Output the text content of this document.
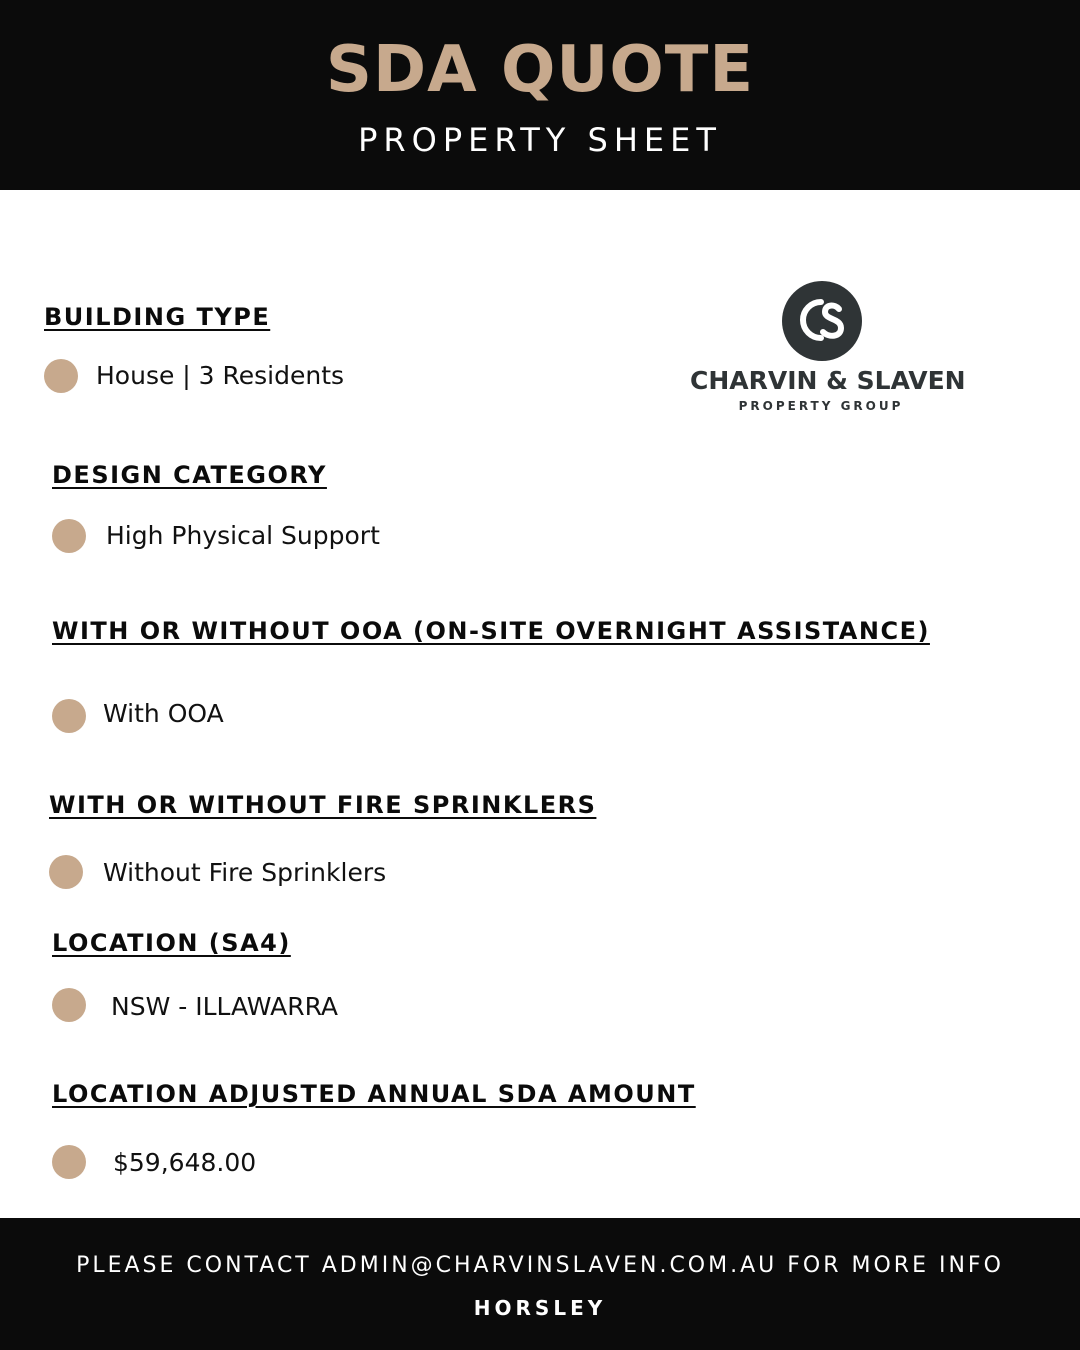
SDA QUOTE
PROPERTY SHEET
CHARVIN & SLAVEN
PROPERTY GROUP
BUILDING TYPE
House | 3 Residents
DESIGN CATEGORY
High Physical Support
WITH OR WITHOUT OOA (ON-SITE OVERNIGHT ASSISTANCE)
With OOA
WITH OR WITHOUT FIRE SPRINKLERS
Without Fire Sprinklers
LOCATION (SA4)
NSW - ILLAWARRA
LOCATION ADJUSTED ANNUAL SDA AMOUNT
$59,648.00
PLEASE CONTACT ADMIN@CHARVINSLAVEN.COM.AU FOR MORE INFO
HORSLEY
